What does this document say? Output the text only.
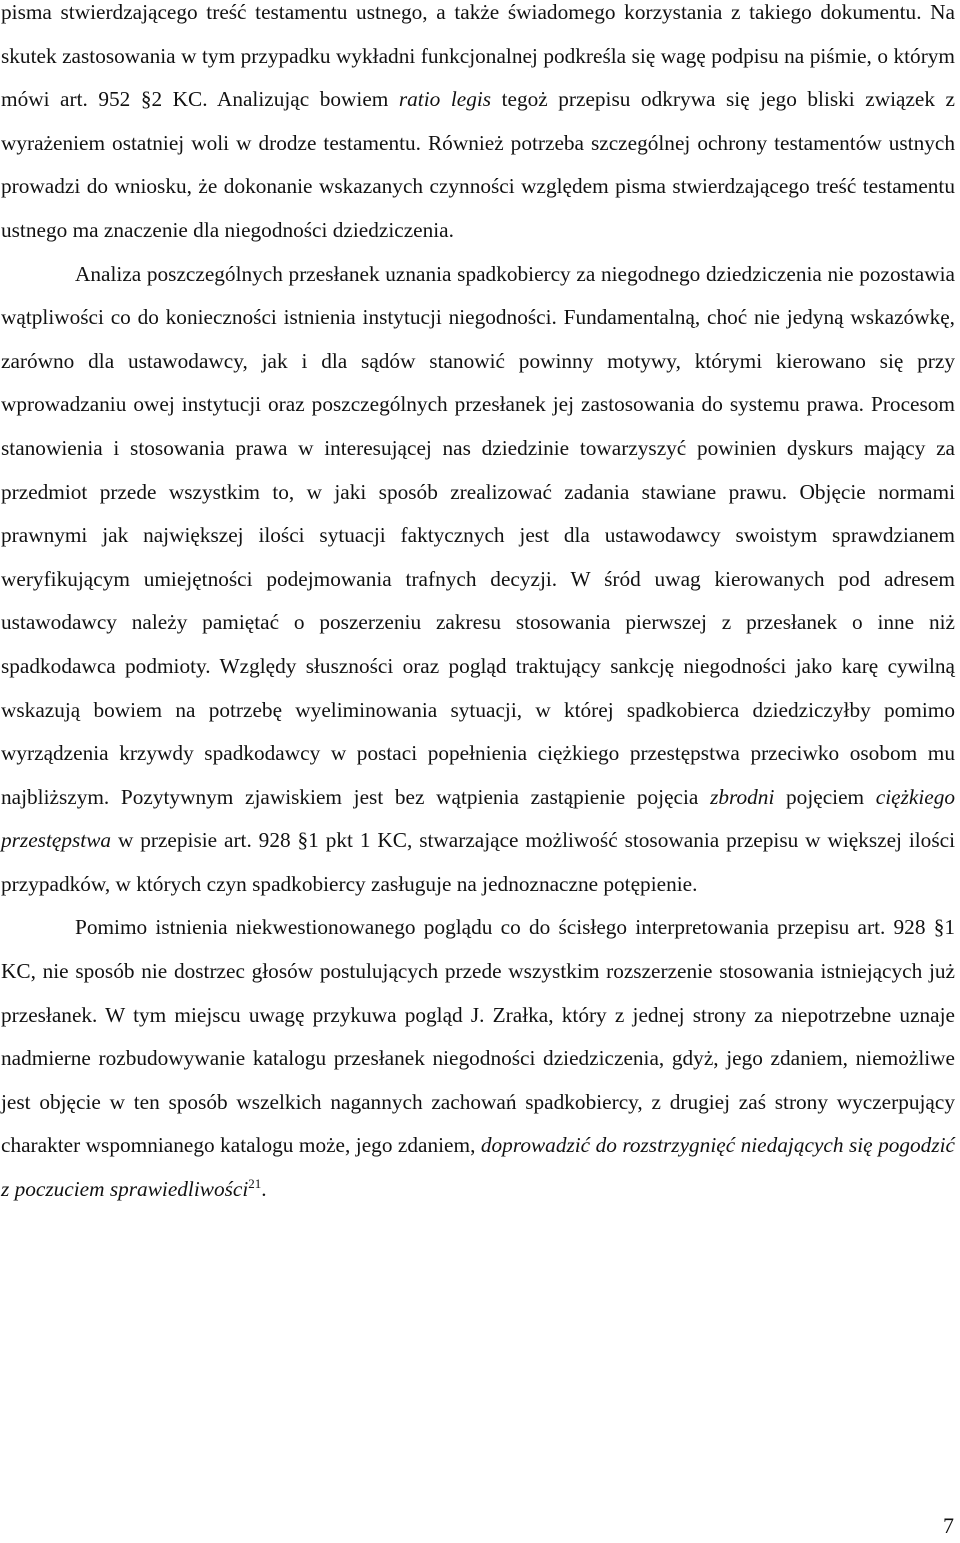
pisma stwierdzającego treść testamentu ustnego, a także świadomego korzystania z takiego dokumentu. Na skutek zastosowania w tym przypadku wykładni funkcjonalnej podkreśla się wagę podpisu na piśmie, o którym mówi art. 952 §2 KC. Analizując bowiem ratio legis tegoż przepisu odkrywa się jego bliski związek z wyrażeniem ostatniej woli w drodze testamentu. Również potrzeba szczególnej ochrony testamentów ustnych prowadzi do wniosku, że dokonanie wskazanych czynności względem pisma stwierdzającego treść testamentu ustnego ma znaczenie dla niegodności dziedziczenia.

Analiza poszczególnych przesłanek uznania spadkobiercy za niegodnego dziedziczenia nie pozostawia wątpliwości co do konieczności istnienia instytucji niegodności. Fundamentalną, choć nie jedyną wskazówkę, zarówno dla ustawodawcy, jak i dla sądów stanowić powinny motywy, którymi kierowano się przy wprowadzaniu owej instytucji oraz poszczególnych przesłanek jej zastosowania do systemu prawa. Procesom stanowienia i stosowania prawa w interesującej nas dziedzinie towarzyszyć powinien dyskurs mający za przedmiot przede wszystkim to, w jaki sposób zrealizować zadania stawiane prawu. Objęcie normami prawnymi jak największej ilości sytuacji faktycznych jest dla ustawodawcy swoistym sprawdzianem weryfikującym umiejętności podejmowania trafnych decyzji. W śród uwag kierowanych pod adresem ustawodawcy należy pamiętać o poszerzeniu zakresu stosowania pierwszej z przesłanek o inne niż spadkodawca podmioty. Względy słuszności oraz pogląd traktujący sankcję niegodności jako karę cywilną wskazują bowiem na potrzebę wyeliminowania sytuacji, w której spadkobierca dziedziczyłby pomimo wyrządzenia krzywdy spadkodawcy w postaci popełnienia ciężkiego przestępstwa przeciwko osobom mu najbliższym. Pozytywnym zjawiskiem jest bez wątpienia zastąpienie pojęcia zbrodni pojęciem ciężkiego przestępstwa w przepisie art. 928 §1 pkt 1 KC, stwarzające możliwość stosowania przepisu w większej ilości przypadków, w których czyn spadkobiercy zasługuje na jednoznaczne potępienie.

Pomimo istnienia niekwestionowanego poglądu co do ścisłego interpretowania przepisu art. 928 §1 KC, nie sposób nie dostrzec głosów postulujących przede wszystkim rozszerzenie stosowania istniejących już przesłanek. W tym miejscu uwagę przykuwa pogląd J. Zrałka, który z jednej strony za niepotrzebne uznaje nadmierne rozbudowywanie katalogu przesłanek niegodności dziedziczenia, gdyż, jego zdaniem, niemożliwe jest objęcie w ten sposób wszelkich nagannych zachowań spadkobiercy, z drugiej zaś strony wyczerpujący charakter wspomnianego katalogu może, jego zdaniem, doprowadzić do rozstrzygnięć niedających się pogodzić z poczuciem sprawiedliwości$^{21}$.

7
